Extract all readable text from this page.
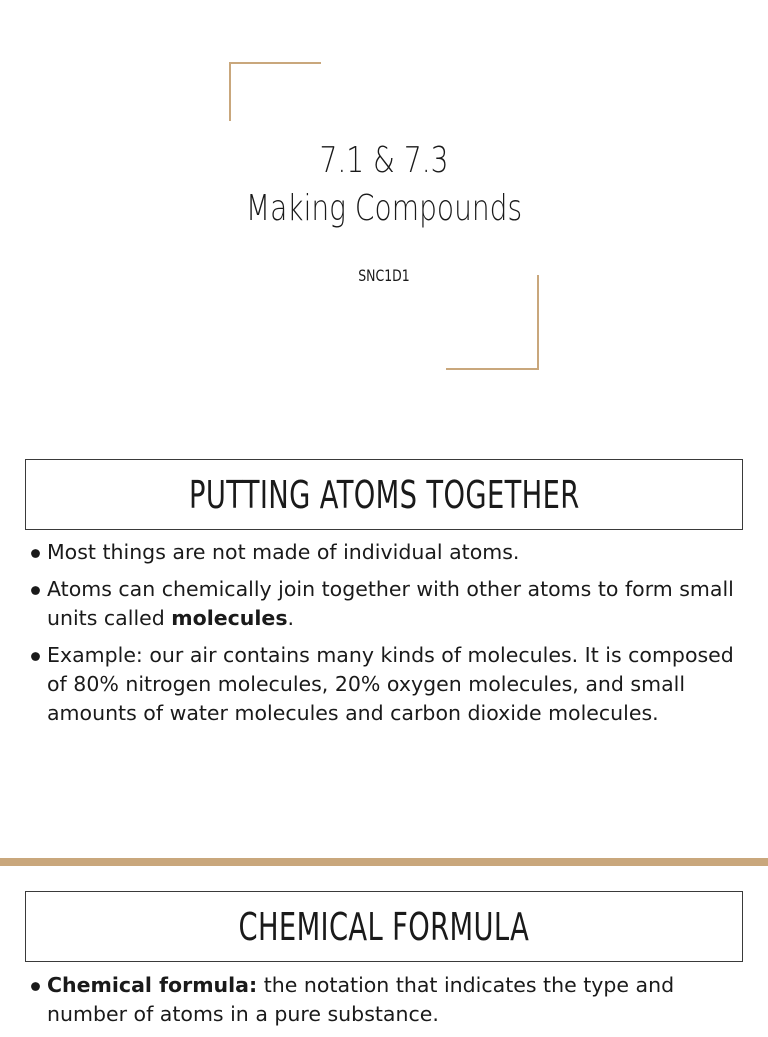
7.1 & 7.3
Making Compounds
SNC1D1
PUTTING ATOMS TOGETHER
Most things are not made of individual atoms.
Atoms can chemically join together with other atoms to form small units called molecules.
Example: our air contains many kinds of molecules. It is composed of 80% nitrogen molecules, 20% oxygen molecules, and small amounts of water molecules and carbon dioxide molecules.
CHEMICAL FORMULA
Chemical formula: the notation that indicates the type and number of atoms in a pure substance.
